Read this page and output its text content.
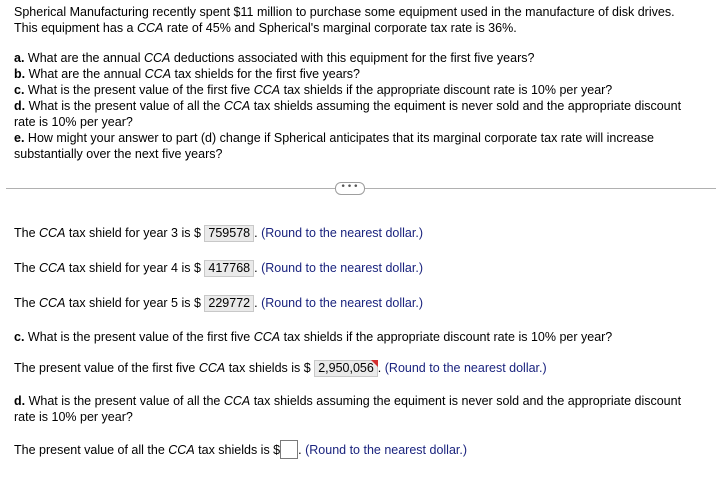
Spherical Manufacturing recently spent $11 million to purchase some equipment used in the manufacture of disk drives.
This equipment has a CCA rate of 45% and Spherical's marginal corporate tax rate is 36%.
a. What are the annual CCA deductions associated with this equipment for the first five years?
b. What are the annual CCA tax shields for the first five years?
c. What is the present value of the first five CCA tax shields if the appropriate discount rate is 10% per year?
d. What is the present value of all the CCA tax shields assuming the equiment is never sold and the appropriate discount
rate is 10% per year?
e. How might your answer to part (d) change if Spherical anticipates that its marginal corporate tax rate will increase
substantially over the next five years?
•••
The CCA tax shield for year 3 is $ 759578 . (Round to the nearest dollar.)
The CCA tax shield for year 4 is $ 417768 . (Round to the nearest dollar.)
The CCA tax shield for year 5 is $ 229772 . (Round to the nearest dollar.)
c. What is the present value of the first five CCA tax shields if the appropriate discount rate is 10% per year?
The present value of the first five CCA tax shields is $ 2,950,056 . (Round to the nearest dollar.)
d. What is the present value of all the CCA tax shields assuming the equiment is never sold and the appropriate discount
rate is 10% per year?
The present value of all the CCA tax shields is $ . (Round to the nearest dollar.)
